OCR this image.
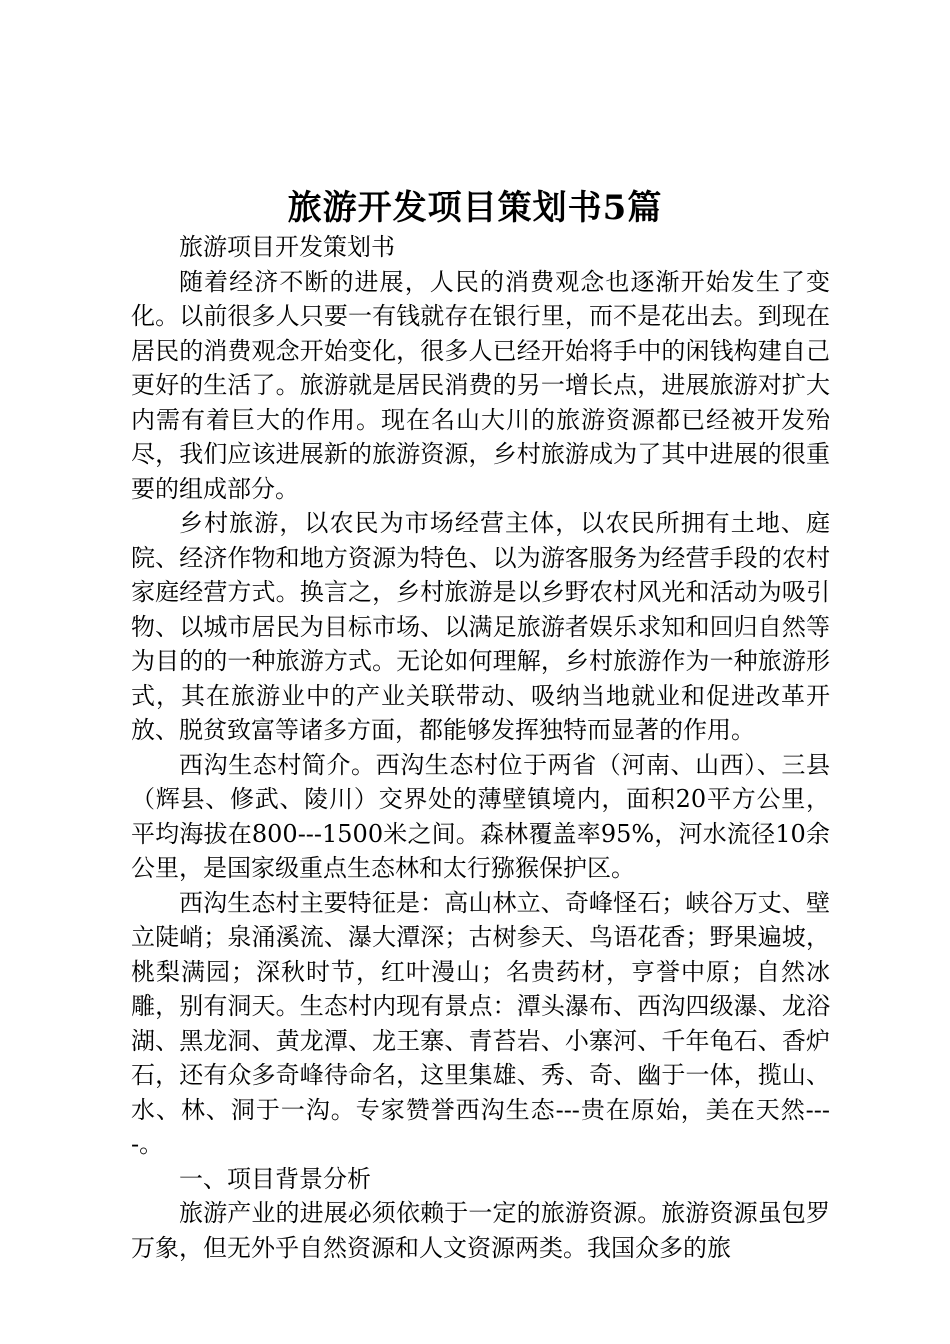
旅游开发项目策划书5篇

旅游项目开发策划书

随着经济不断的进展，人民的消费观念也逐渐开始发生了变化。以前很多人只要一有钱就存在银行里，而不是花出去。到现在居民的消费观念开始变化，很多人已经开始将手中的闲钱构建自己更好的生活了。旅游就是居民消费的另一增长点，进展旅游对扩大内需有着巨大的作用。现在名山大川的旅游资源都已经被开发殆尽，我们应该进展新的旅游资源，乡村旅游成为了其中进展的很重要的组成部分。

乡村旅游，以农民为市场经营主体，以农民所拥有土地、庭院、经济作物和地方资源为特色、以为游客服务为经营手段的农村家庭经营方式。换言之，乡村旅游是以乡野农村风光和活动为吸引物、以城市居民为目标市场、以满足旅游者娱乐求知和回归自然等为目的的一种旅游方式。无论如何理解，乡村旅游作为一种旅游形式，其在旅游业中的产业关联带动、吸纳当地就业和促进改革开放、脱贫致富等诸多方面，都能够发挥独特而显著的作用。

西沟生态村简介。西沟生态村位于两省（河南、山西）、三县（辉县、修武、陵川）交界处的薄壁镇境内，面积20平方公里，平均海拔在800---1500米之间。森林覆盖率95%，河水流径10余公里，是国家级重点生态林和太行猕猴保护区。

西沟生态村主要特征是：高山林立、奇峰怪石；峡谷万丈、壁立陡峭；泉涌溪流、瀑大潭深；古树参天、鸟语花香；野果遍坡，桃梨满园；深秋时节，红叶漫山；名贵药材，亨誉中原；自然冰雕，别有洞天。生态村内现有景点：潭头瀑布、西沟四级瀑、龙浴湖、黑龙洞、黄龙潭、龙王寨、青苔岩、小寨河、千年龟石、香炉石，还有众多奇峰待命名，这里集雄、秀、奇、幽于一体，揽山、水、林、洞于一沟。专家赞誉西沟生态---贵在原始，美在天然----。

一、项目背景分析

旅游产业的进展必须依赖于一定的旅游资源。旅游资源虽包罗万象，但无外乎自然资源和人文资源两类。我国众多的旅
